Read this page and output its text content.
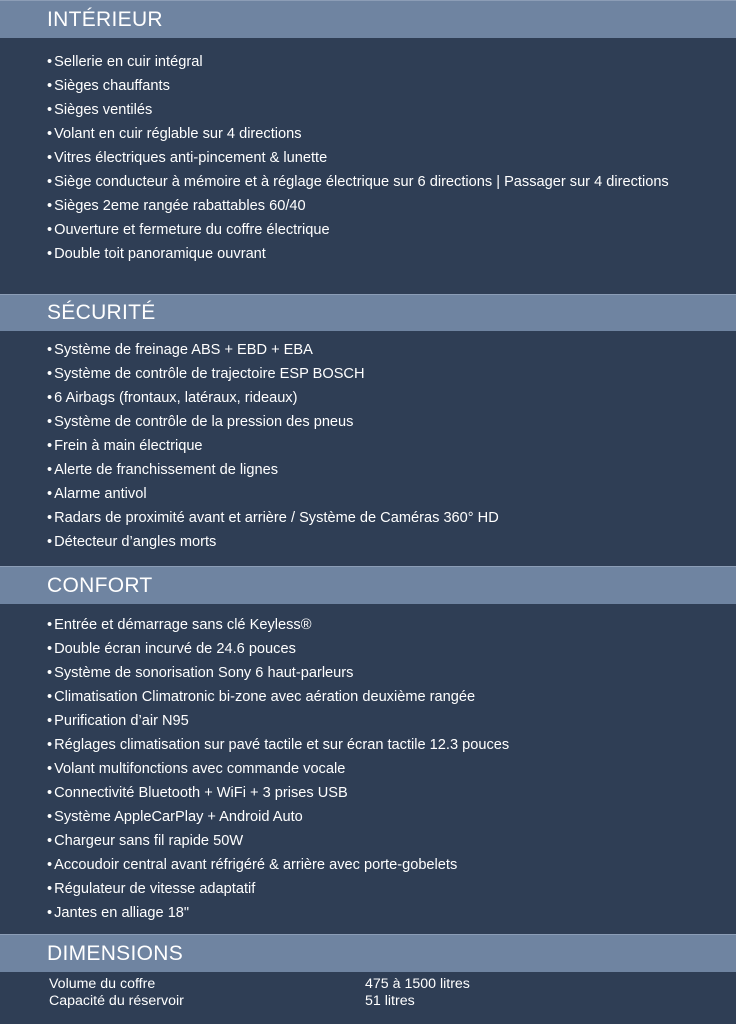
INTÉRIEUR
• Sellerie en cuir intégral
• Sièges chauffants
• Sièges ventilés
• Volant en cuir réglable sur 4 directions
• Vitres électriques anti-pincement & lunette
• Siège conducteur à mémoire et à réglage électrique sur 6 directions | Passager sur 4 directions
• Sièges 2eme rangée rabattables 60/40
• Ouverture et fermeture du coffre électrique
• Double toit panoramique ouvrant
SÉCURITÉ
• Système de freinage ABS + EBD + EBA
• Système de contrôle de trajectoire ESP BOSCH
• 6 Airbags (frontaux, latéraux, rideaux)
• Système de contrôle de la pression des pneus
• Frein à main électrique
• Alerte de franchissement de lignes
• Alarme antivol
• Radars de proximité avant et arrière / Système de Caméras 360° HD
• Détecteur d’angles morts
CONFORT
• Entrée et démarrage sans clé Keyless®
• Double écran incurvé de 24.6 pouces
• Système de sonorisation Sony 6 haut-parleurs
• Climatisation Climatronic bi-zone avec aération deuxième rangée
• Purification d’air N95
• Réglages climatisation sur pavé tactile et sur écran tactile 12.3 pouces
• Volant multifonctions avec commande vocale
• Connectivité Bluetooth + WiFi + 3 prises USB
• Système AppleCarPlay + Android Auto
• Chargeur sans fil rapide 50W
• Accoudoir central avant réfrigéré & arrière avec porte-gobelets
• Régulateur de vitesse adaptatif
• Jantes en alliage 18"
DIMENSIONS
Volume du coffre	475 à 1500 litres
Capacité du réservoir	51 litres
